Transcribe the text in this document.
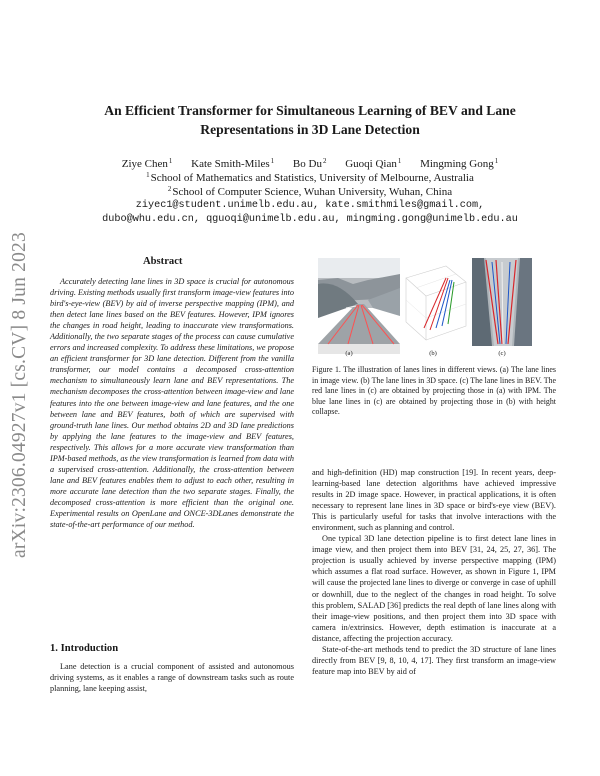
arXiv:2306.04927v1 [cs.CV] 8 Jun 2023
An Efficient Transformer for Simultaneous Learning of BEV and Lane
Representations in 3D Lane Detection
Ziye Chen$^1$ Kate Smith-Miles$^1$ Bo Du$^2$ Guoqi Qian$^1$ Mingming Gong$^1$
$^1$School of Mathematics and Statistics, University of Melbourne, Australia
$^2$School of Computer Science, Wuhan University, Wuhan, China
ziyec1@student.unimelb.edu.au, kate.smithmiles@gmail.com,
dubo@whu.edu.cn, qguoqi@unimelb.edu.au, mingming.gong@unimelb.edu.au
Abstract

Accurately detecting lane lines in 3D space is crucial for autonomous driving. Existing methods usually first transform image-view features into bird's-eye-view (BEV) by aid of inverse perspective mapping (IPM), and then detect lane lines based on the BEV features. However, IPM ignores the changes in road height, leading to inaccurate view transformations. Additionally, the two separate stages of the process can cause cumulative errors and increased complexity. To address these limitations, we propose an efficient transformer for 3D lane detection. Different from the vanilla transformer, our model contains a decomposed cross-attention mechanism to simultaneously learn lane and BEV representations. The mechanism decomposes the cross-attention between image-view and lane features into the one between image-view and lane features, and the one between lane and BEV features, both of which are supervised with ground-truth lane lines. Our method obtains 2D and 3D lane predictions by applying the lane features to the image-view and BEV features, respectively. This allows for a more accurate view transformation than IPM-based methods, as the view transformation is learned from data with a supervised cross-attention. Additionally, the cross-attention between lane and BEV features enables them to adjust to each other, resulting in more accurate lane detection than the two separate stages. Finally, the decomposed cross-attention is more efficient than the original one. Experimental results on OpenLane and ONCE-3DLanes demonstrate the state-of-the-art performance of our method.

1. Introduction

Lane detection is a crucial component of assisted and autonomous driving systems, as it enables a range of downstream tasks such as route planning, lane keeping assist,

(a)	(b)	(c)
Figure 1. The illustration of lanes lines in different views. (a) The lane lines in image view. (b) The lane lines in 3D space. (c) The lane lines in BEV. The red lane lines in (c) are obtained by projecting those in (a) with IPM. The blue lane lines in (c) are obtained by projecting those in (b) with height collapse.

and high-definition (HD) map construction [19]. In recent years, deep-learning-based lane detection algorithms have achieved impressive results in 2D image space. However, in practical applications, it is often necessary to represent lane lines in 3D space or bird's-eye view (BEV). This is particularly useful for tasks that involve interactions with the environment, such as planning and control.

One typical 3D lane detection pipeline is to first detect lane lines in image view, and then project them into BEV [31, 24, 25, 27, 36]. The projection is usually achieved by inverse perspective mapping (IPM) which assumes a flat road surface. However, as shown in Figure 1, IPM will cause the projected lane lines to diverge or converge in case of uphill or downhill, due to the neglect of the changes in road height. To solve this problem, SALAD [36] predicts the real depth of lane lines along with their image-view positions, and then project them into 3D space with camera in/extrinsics. However, depth estimation is inaccurate at a distance, affecting the projection accuracy.

State-of-the-art methods tend to predict the 3D structure of lane lines directly from BEV [9, 8, 10, 4, 17]. They first transform an image-view feature map into BEV by aid of
